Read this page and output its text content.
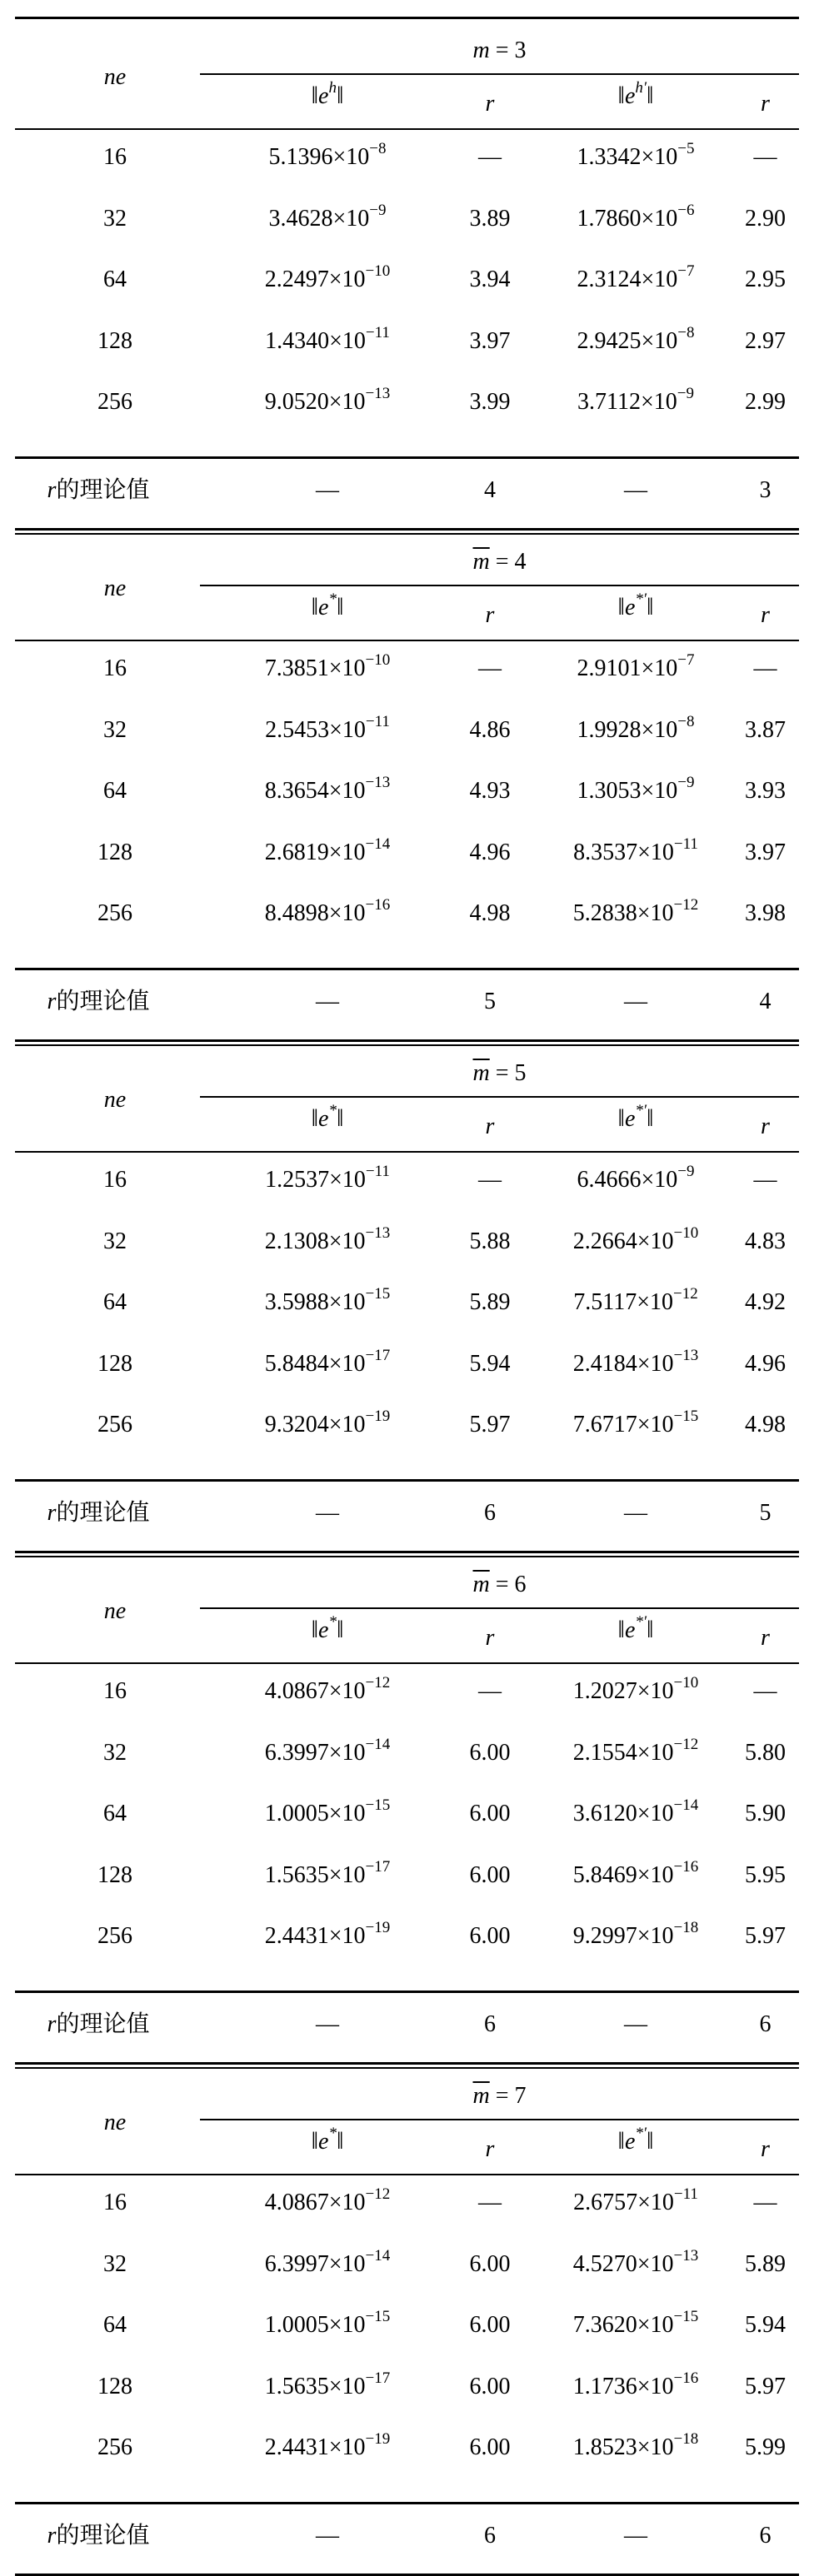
ne
m = 3
$‖e^h‖$	r	$‖e^{h'}‖$	r
16	$5.1396\times 10^{-8}$	—	$1.3342\times 10^{-5}$	—
32	$3.4628\times 10^{-9}$	3.89	$1.7860\times 10^{-6}$	2.90
64	$2.2497\times 10^{-10}$	3.94	$2.3124\times 10^{-7}$	2.95
128	$1.4340\times 10^{-11}$	3.97	$2.9425\times 10^{-8}$	2.97
256	$9.0520\times 10^{-13}$	3.99	$3.7112\times 10^{-9}$	2.99
r的理论值	—	4	—	3
ne
$\overline{m} = 4$
‖e*‖	r	‖e*′‖	r
16	$7.3851\times 10^{-10}$	—	$2.9101\times 10^{-7}$	—
32	$2.5453\times 10^{-11}$	4.86	$1.9928\times 10^{-8}$	3.87
64	$8.3654\times 10^{-13}$	4.93	$1.3053\times 10^{-9}$	3.93
128	$2.6819\times 10^{-14}$	4.96	$8.3537\times 10^{-11}$	3.97
256	$8.4898\times 10^{-16}$	4.98	$5.2838\times 10^{-12}$	3.98
r的理论值	—	5	—	4
ne
$\overline{m} = 5$
‖e*‖	r	‖e*′‖	r
16	$1.2537\times 10^{-11}$	—	$6.4666\times 10^{-9}$	—
32	$2.1308\times 10^{-13}$	5.88	$2.2664\times 10^{-10}$	4.83
64	$3.5988\times 10^{-15}$	5.89	$7.5117\times 10^{-12}$	4.92
128	$5.8484\times 10^{-17}$	5.94	$2.4184\times 10^{-13}$	4.96
256	$9.3204\times 10^{-19}$	5.97	$7.6717\times 10^{-15}$	4.98
r的理论值	—	6	—	5
ne
$\overline{m} = 6$
‖e*‖	r	‖e*′‖	r
16	$4.0867\times 10^{-12}$	—	$1.2027\times 10^{-10}$	—
32	$6.3997\times 10^{-14}$	6.00	$2.1554\times 10^{-12}$	5.80
64	$1.0005\times 10^{-15}$	6.00	$3.6120\times 10^{-14}$	5.90
128	$1.5635\times 10^{-17}$	6.00	$5.8469\times 10^{-16}$	5.95
256	$2.4431\times 10^{-19}$	6.00	$9.2997\times 10^{-18}$	5.97
r的理论值	—	6	—	6
ne
$\overline{m} = 7$
‖e*‖	r	‖e*′‖	r
16	$4.0867\times 10^{-12}$	—	$2.6757\times 10^{-11}$	—
32	$6.3997\times 10^{-14}$	6.00	$4.5270\times 10^{-13}$	5.89
64	$1.0005\times 10^{-15}$	6.00	$7.3620\times 10^{-15}$	5.94
128	$1.5635\times 10^{-17}$	6.00	$1.1736\times 10^{-16}$	5.97
256	$2.4431\times 10^{-19}$	6.00	$1.8523\times 10^{-18}$	5.99
r的理论值	—	6	—	6
